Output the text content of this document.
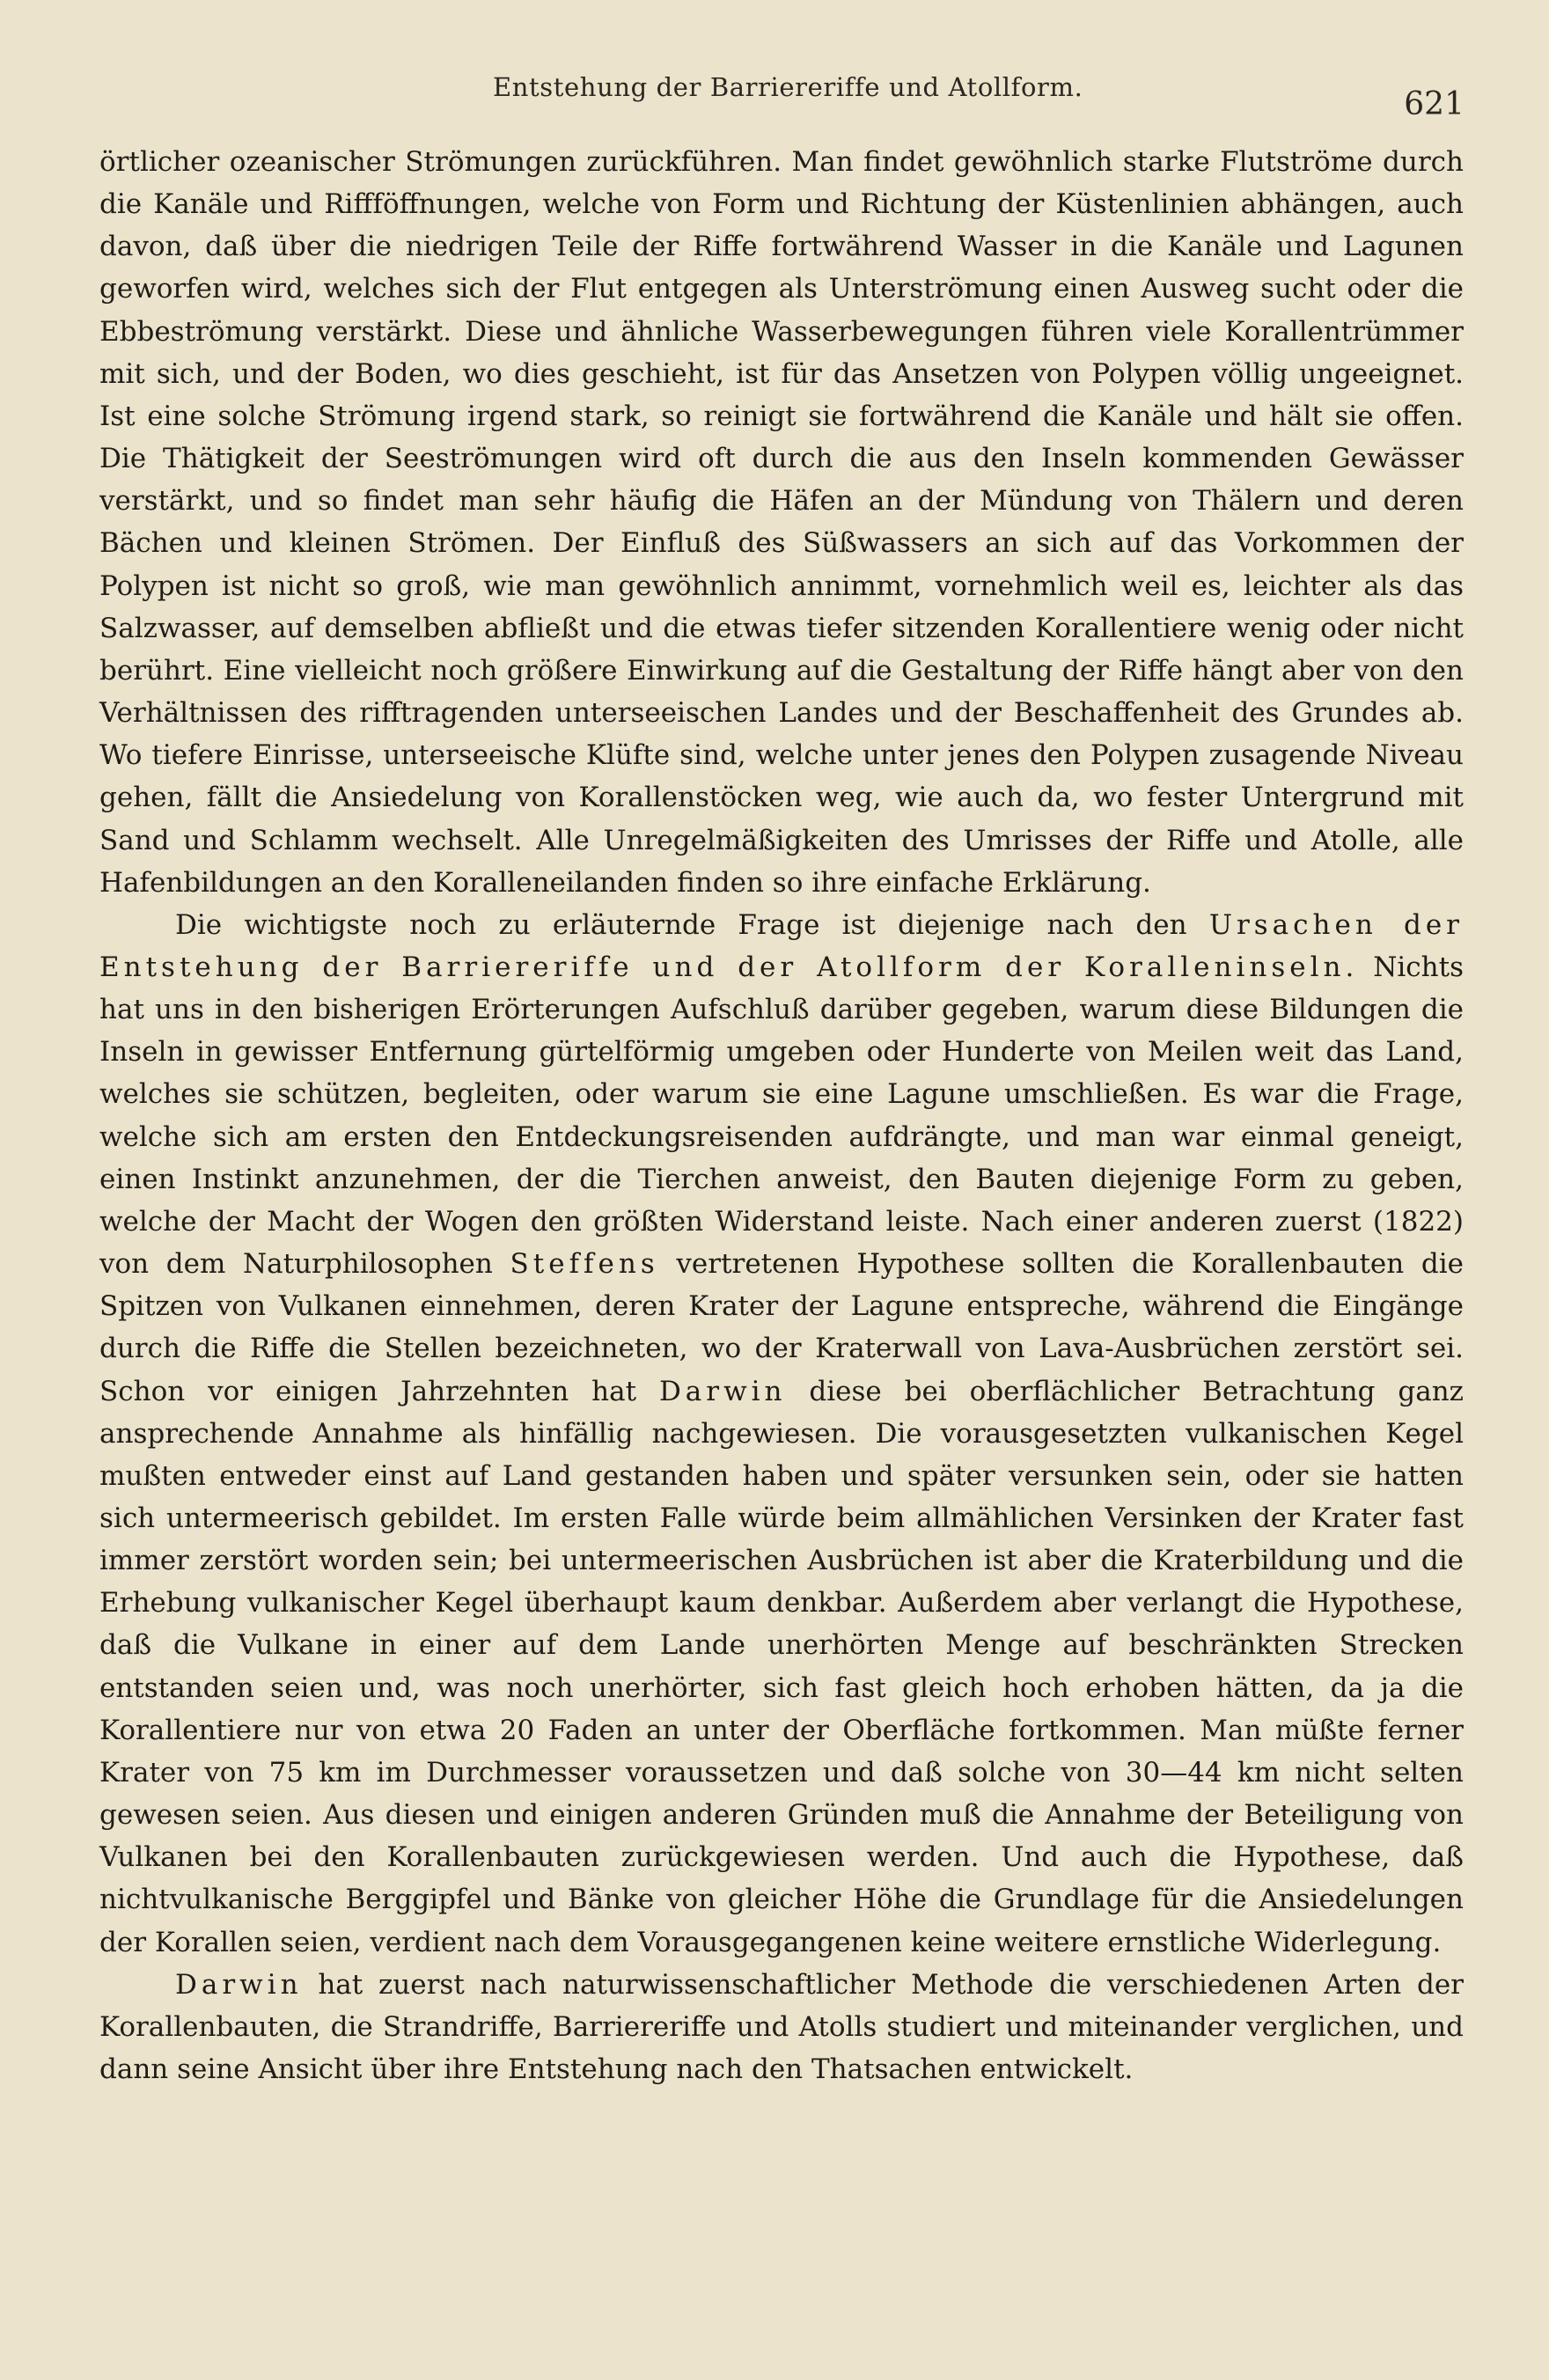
Entstehung der Barriereriffe und Atollform.	621

örtlicher ozeanischer Strömungen zurückführen. Man findet gewöhnlich starke Flutströme durch die Kanäle und Riffföffnungen, welche von Form und Richtung der Küstenlinien abhängen, auch davon, daß über die niedrigen Teile der Riffe fortwährend Wasser in die Kanäle und Lagunen geworfen wird, welches sich der Flut entgegen als Unterströmung einen Ausweg sucht oder die Ebbeströmung verstärkt. Diese und ähnliche Wasserbewegungen führen viele Korallentrümmer mit sich, und der Boden, wo dies geschieht, ist für das Ansetzen von Polypen völlig ungeeignet. Ist eine solche Strömung irgend stark, so reinigt sie fortwährend die Kanäle und hält sie offen. Die Thätigkeit der Seeströmungen wird oft durch die aus den Inseln kommenden Gewässer verstärkt, und so findet man sehr häufig die Häfen an der Mündung von Thälern und deren Bächen und kleinen Strömen. Der Einfluß des Süßwassers an sich auf das Vorkommen der Polypen ist nicht so groß, wie man gewöhnlich annimmt, vornehmlich weil es, leichter als das Salzwasser, auf demselben abfließt und die etwas tiefer sitzenden Korallentiere wenig oder nicht berührt. Eine vielleicht noch größere Einwirkung auf die Gestaltung der Riffe hängt aber von den Verhältnissen des rifftragenden unterseeischen Landes und der Beschaffenheit des Grundes ab. Wo tiefere Einrisse, unterseeische Klüfte sind, welche unter jenes den Polypen zusagende Niveau gehen, fällt die Ansiedelung von Korallenstöcken weg, wie auch da, wo fester Untergrund mit Sand und Schlamm wechselt. Alle Unregelmäßigkeiten des Umrisses der Riffe und Atolle, alle Hafenbildungen an den Koralleneilanden finden so ihre einfache Erklärung.

Die wichtigste noch zu erläuternde Frage ist diejenige nach den Ursachen der Entstehung der Barriereriffe und der Atollform der Koralleninseln. Nichts hat uns in den bisherigen Erörterungen Aufschluß darüber gegeben, warum diese Bildungen die Inseln in gewisser Entfernung gürtelförmig umgeben oder Hunderte von Meilen weit das Land, welches sie schützen, begleiten, oder warum sie eine Lagune umschließen. Es war die Frage, welche sich am ersten den Entdeckungsreisenden aufdrängte, und man war einmal geneigt, einen Instinkt anzunehmen, der die Tierchen anweist, den Bauten diejenige Form zu geben, welche der Macht der Wogen den größten Widerstand leiste. Nach einer anderen zuerst (1822) von dem Naturphilosophen Steffens vertretenen Hypothese sollten die Korallenbauten die Spitzen von Vulkanen einnehmen, deren Krater der Lagune entspreche, während die Eingänge durch die Riffe die Stellen bezeichneten, wo der Kraterwall von Lava-Ausbrüchen zerstört sei. Schon vor einigen Jahrzehnten hat Darwin diese bei oberflächlicher Betrachtung ganz ansprechende Annahme als hinfällig nachgewiesen. Die vorausgesetzten vulkanischen Kegel mußten entweder einst auf Land gestanden haben und später versunken sein, oder sie hatten sich untermeerisch gebildet. Im ersten Falle würde beim allmählichen Versinken der Krater fast immer zerstört worden sein; bei untermeerischen Ausbrüchen ist aber die Kraterbildung und die Erhebung vulkanischer Kegel überhaupt kaum denkbar. Außerdem aber verlangt die Hypothese, daß die Vulkane in einer auf dem Lande unerhörten Menge auf beschränkten Strecken entstanden seien und, was noch unerhörter, sich fast gleich hoch erhoben hätten, da ja die Korallentiere nur von etwa 20 Faden an unter der Oberfläche fortkommen. Man müßte ferner Krater von 75 km im Durchmesser voraussetzen und daß solche von 30—44 km nicht selten gewesen seien. Aus diesen und einigen anderen Gründen muß die Annahme der Beteiligung von Vulkanen bei den Korallenbauten zurückgewiesen werden. Und auch die Hypothese, daß nichtvulkanische Berggipfel und Bänke von gleicher Höhe die Grundlage für die Ansiedelungen der Korallen seien, verdient nach dem Vorausgegangenen keine weitere ernstliche Widerlegung.

Darwin hat zuerst nach naturwissenschaftlicher Methode die verschiedenen Arten der Korallenbauten, die Strandriffe, Barriereriffe und Atolls studiert und miteinander verglichen, und dann seine Ansicht über ihre Entstehung nach den Thatsachen entwickelt.
